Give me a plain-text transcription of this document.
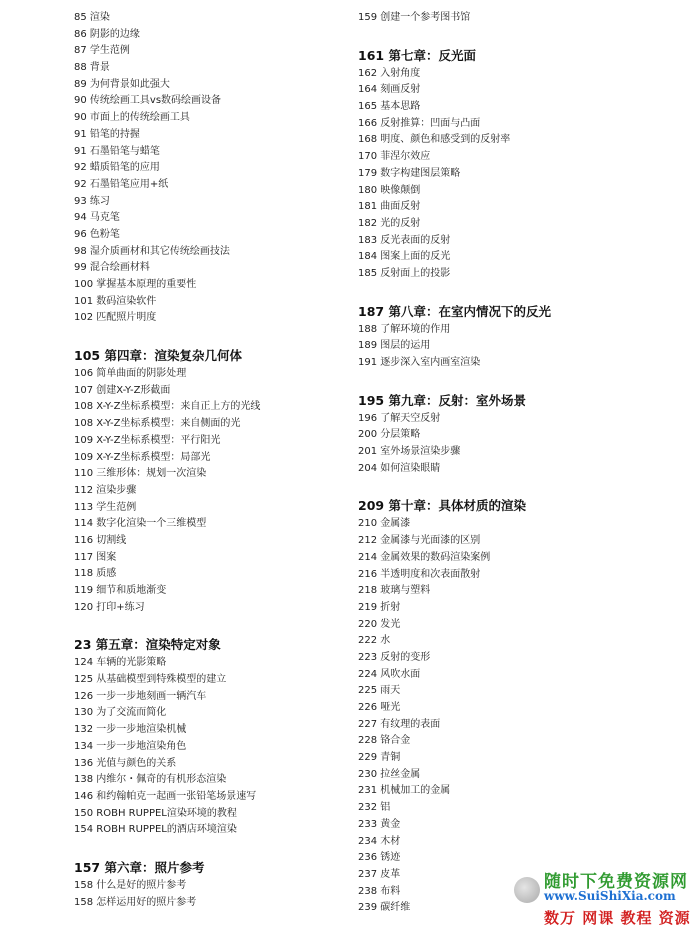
85 渲染
86 阴影的边缘
87 学生范例
88 背景
89 为何背景如此强大
90 传统绘画工具vs数码绘画设备
90 市面上的传统绘画工具
91 铅笔的持握
91 石墨铅笔与蜡笔
92 蜡质铅笔的应用
92 石墨铅笔应用+纸
93 练习
94 马克笔
96 色粉笔
98 湿介质画材和其它传统绘画技法
99 混合绘画材料
100 掌握基本原理的重要性
101 数码渲染软件
102 匹配照片明度
105 第四章：渲染复杂几何体
106 简单曲面的阴影处理
107 创建X-Y-Z形截面
108 X-Y-Z坐标系模型：来自正上方的光线
108 X-Y-Z坐标系模型：来自侧面的光
109 X-Y-Z坐标系模型：平行阳光
109 X-Y-Z坐标系模型：局部光
110 三维形体：规划一次渲染
112 渲染步骤
113 学生范例
114 数字化渲染一个三维模型
116 切割线
117 图案
118 质感
119 细节和质地渐变
120 打印+练习
23 第五章：渲染特定对象
124 车辆的光影策略
125 从基础模型到特殊模型的建立
126 一步一步地刻画一辆汽车
130 为了交流而简化
132 一步一步地渲染机械
134 一步一步地渲染角色
136 光值与颜色的关系
138 内维尔・佩奇的有机形态渲染
146 和约翰帕克一起画一张铅笔场景速写
150 ROBH RUPPEL渲染环境的教程
154 ROBH RUPPEL的酒店环境渲染
157 第六章：照片参考
158 什么是好的照片参考
158 怎样运用好的照片参考
159 创建一个参考图书馆
161 第七章：反光面
162 入射角度
164 刻画反射
165 基本思路
166 反射推算：凹面与凸面
168 明度、颜色和感受到的反射率
170 菲涅尔效应
179 数字构建图层策略
180 映像颠倒
181 曲面反射
182 光的反射
183 反光表面的反射
184 图案上面的反光
185 反射面上的投影
187 第八章：在室内情况下的反光
188 了解环境的作用
189 图层的运用
191 逐步深入室内画室渲染
195 第九章：反射：室外场景
196 了解天空反射
200 分层策略
201 室外场景渲染步骤
204 如何渲染眼睛
209 第十章：具体材质的渲染
210 金属漆
212 金属漆与光面漆的区别
214 金属效果的数码渲染案例
216 半透明度和次表面散射
218 玻璃与塑料
219 折射
220 发光
222 水
223 反射的变形
224 风吹水面
225 雨天
226 哑光
227 有纹理的表面
228 铬合金
229 青铜
230 拉丝金属
231 机械加工的金属
232 铝
233 黄金
234 木材
236 锈迹
237 皮革
238 布料
239 碳纤维
随时下免费资源网
www.SuiShiXia.com
数万 网课 教程 资源
